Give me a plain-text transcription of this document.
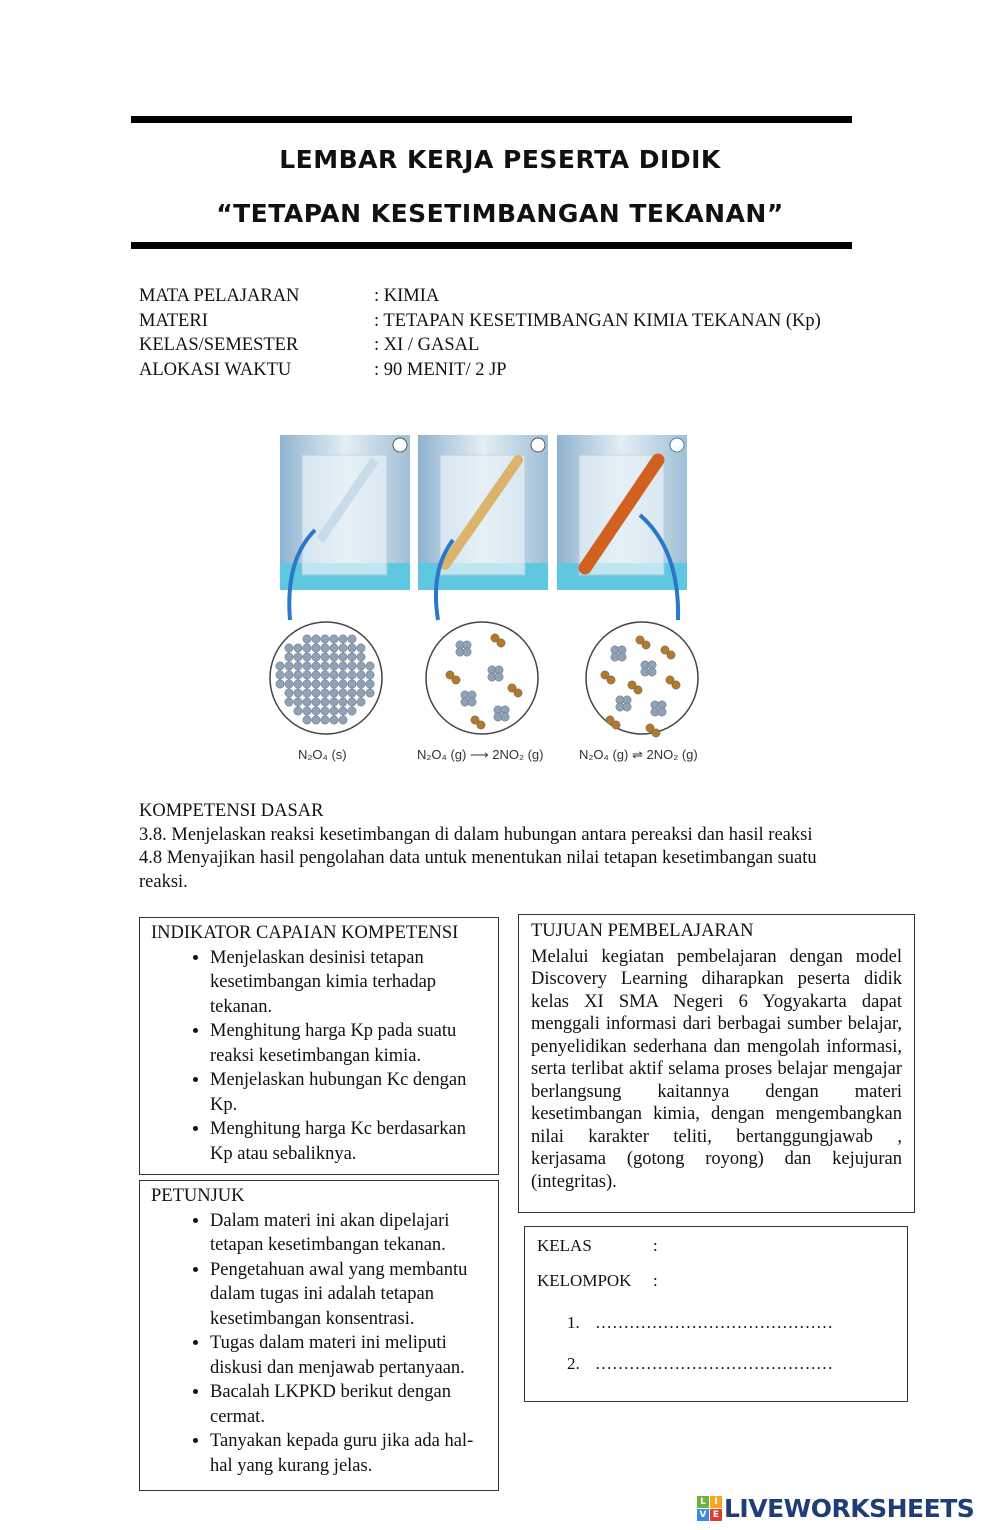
LEMBAR KERJA PESERTA DIDIK
“TETAPAN KESETIMBANGAN TEKANAN”
MATA PELAJARAN	: KIMIA
MATERI	: TETAPAN KESETIMBANGAN KIMIA TEKANAN (Kp)
KELAS/SEMESTER	: XI / GASAL
ALOKASI WAKTU	: 90 MENIT/ 2 JP
N₂O₄ (s)	N₂O₄ (g) ⟶ 2NO₂ (g)	N₂O₄ (g) ⇌ 2NO₂ (g)
KOMPETENSI DASAR
3.8. Menjelaskan reaksi kesetimbangan di dalam hubungan antara pereaksi dan hasil reaksi
4.8 Menyajikan hasil pengolahan data untuk menentukan nilai tetapan kesetimbangan suatu reaksi.
INDIKATOR CAPAIAN KOMPETENSI
• Menjelaskan desinisi tetapan kesetimbangan kimia terhadap tekanan.
• Menghitung harga Kp pada suatu reaksi kesetimbangan kimia.
• Menjelaskan hubungan Kc dengan Kp.
• Menghitung harga Kc berdasarkan Kp atau sebaliknya.
PETUNJUK
• Dalam materi ini akan dipelajari tetapan kesetimbangan tekanan.
• Pengetahuan awal yang membantu dalam tugas ini adalah tetapan kesetimbangan konsentrasi.
• Tugas dalam materi ini meliputi diskusi dan menjawab pertanyaan.
• Bacalah LKPKD berikut dengan cermat.
• Tanyakan kepada guru jika ada hal-hal yang kurang jelas.
TUJUAN PEMBELAJARAN
Melalui kegiatan pembelajaran dengan model Discovery Learning diharapkan peserta didik kelas XI SMA Negeri 6 Yogyakarta dapat menggali informasi dari berbagai sumber belajar, penyelidikan sederhana dan mengolah informasi, serta terlibat aktif selama proses belajar mengajar berlangsung kaitannya dengan materi kesetimbangan kimia, dengan mengembangkan nilai karakter teliti, bertanggungjawab , kerjasama (gotong royong) dan kejujuran (integritas).
KELAS	:
KELOMPOK :
1. ……………………………………
2. ……………………………………
L I
V E LIVEWORKSHEETS
